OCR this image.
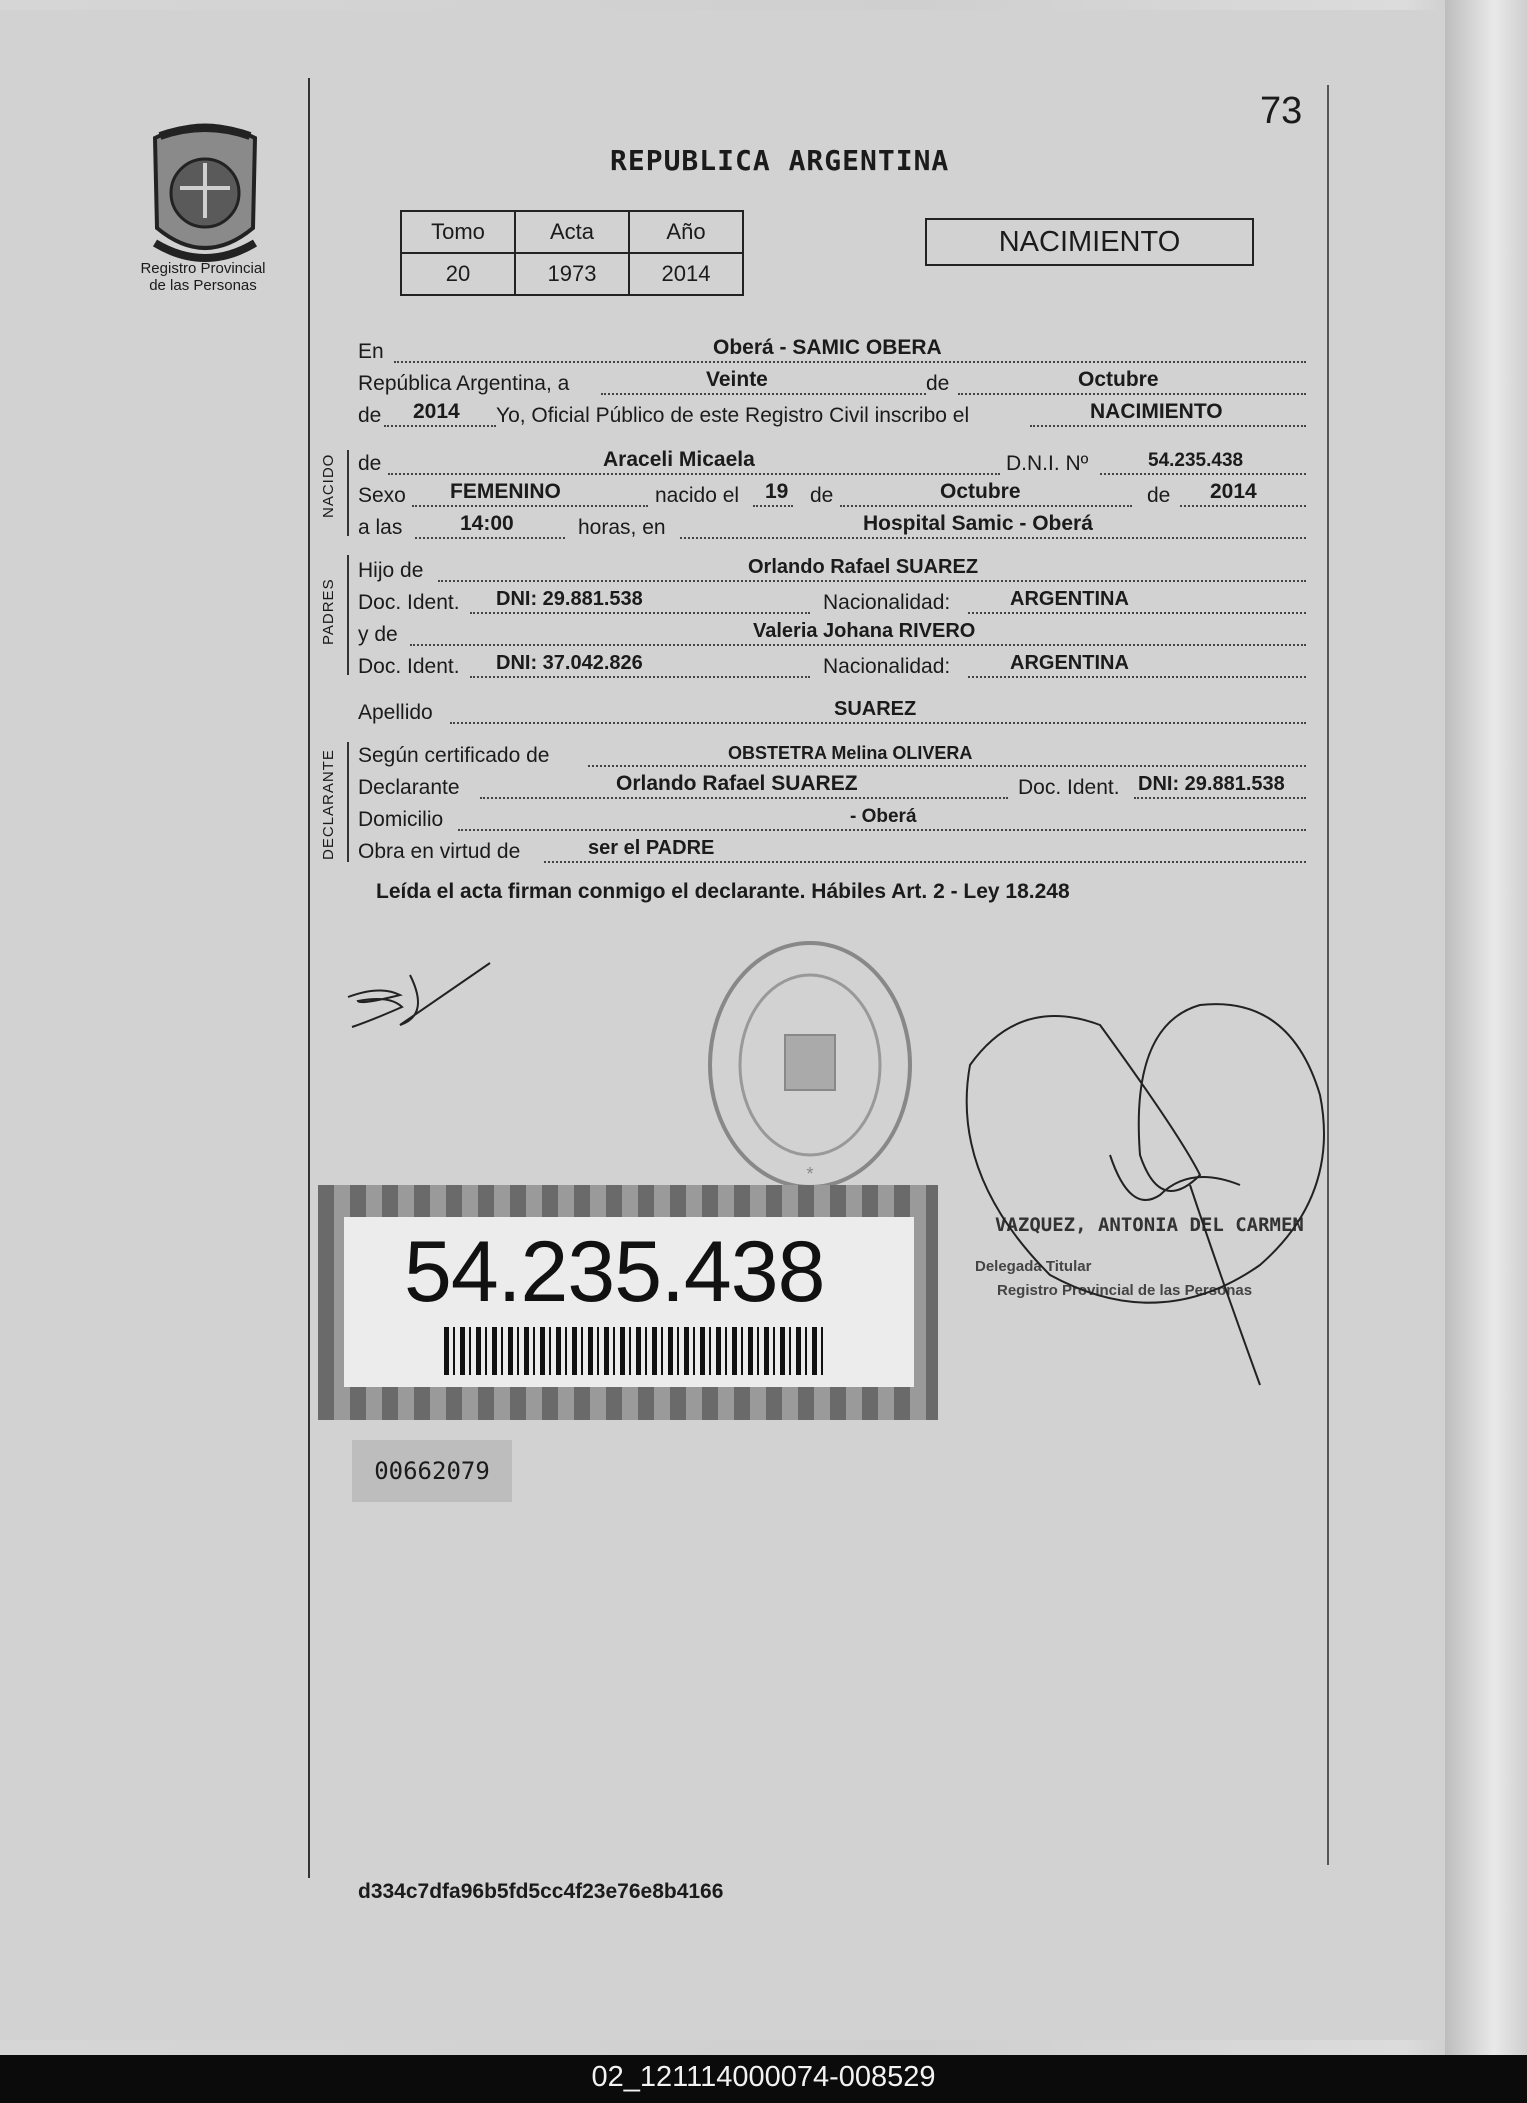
73
Registro Provincial
de las Personas
REPUBLICA ARGENTINA
Tomo	Acta	Año
20	1973	2014
NACIMIENTO
En	Oberá - SAMIC OBERA
República Argentina, a	Veinte	de	Octubre
de 2014 Yo, Oficial Público de este Registro Civil inscribo el	NACIMIENTO
NACIDO de	Araceli Micaela	D.N.I. Nº	54.235.438
Sexo FEMENINO	nacido el 19 de	Octubre	de 2014
a las	14:00	horas, en	Hospital Samic - Oberá
PADRES
Hijo de	Orlando Rafael SUAREZ
Doc. Ident. DNI: 29.881.538	Nacionalidad:	ARGENTINA
y de	Valeria Johana RIVERO
Doc. Ident. DNI: 37.042.826	Nacionalidad:	ARGENTINA
Apellido	SUAREZ
DECLARANTE Según certificado de	OBSTETRA Melina OLIVERA
Declarante	Orlando Rafael SUAREZ	Doc. Ident. DNI: 29.881.538
Domicilio	- Oberá
Obra en virtud de	ser el PADRE
Leída el acta firman conmigo el declarante. Hábiles Art. 2 - Ley 18.248
*
VAZQUEZ, ANTONIA DEL CARMEN
Delegada Titular
Registro Provincial de las Personas
54.235.438
00662079
d334c7dfa96b5fd5cc4f23e76e8b4166
02_121114000074-008529
